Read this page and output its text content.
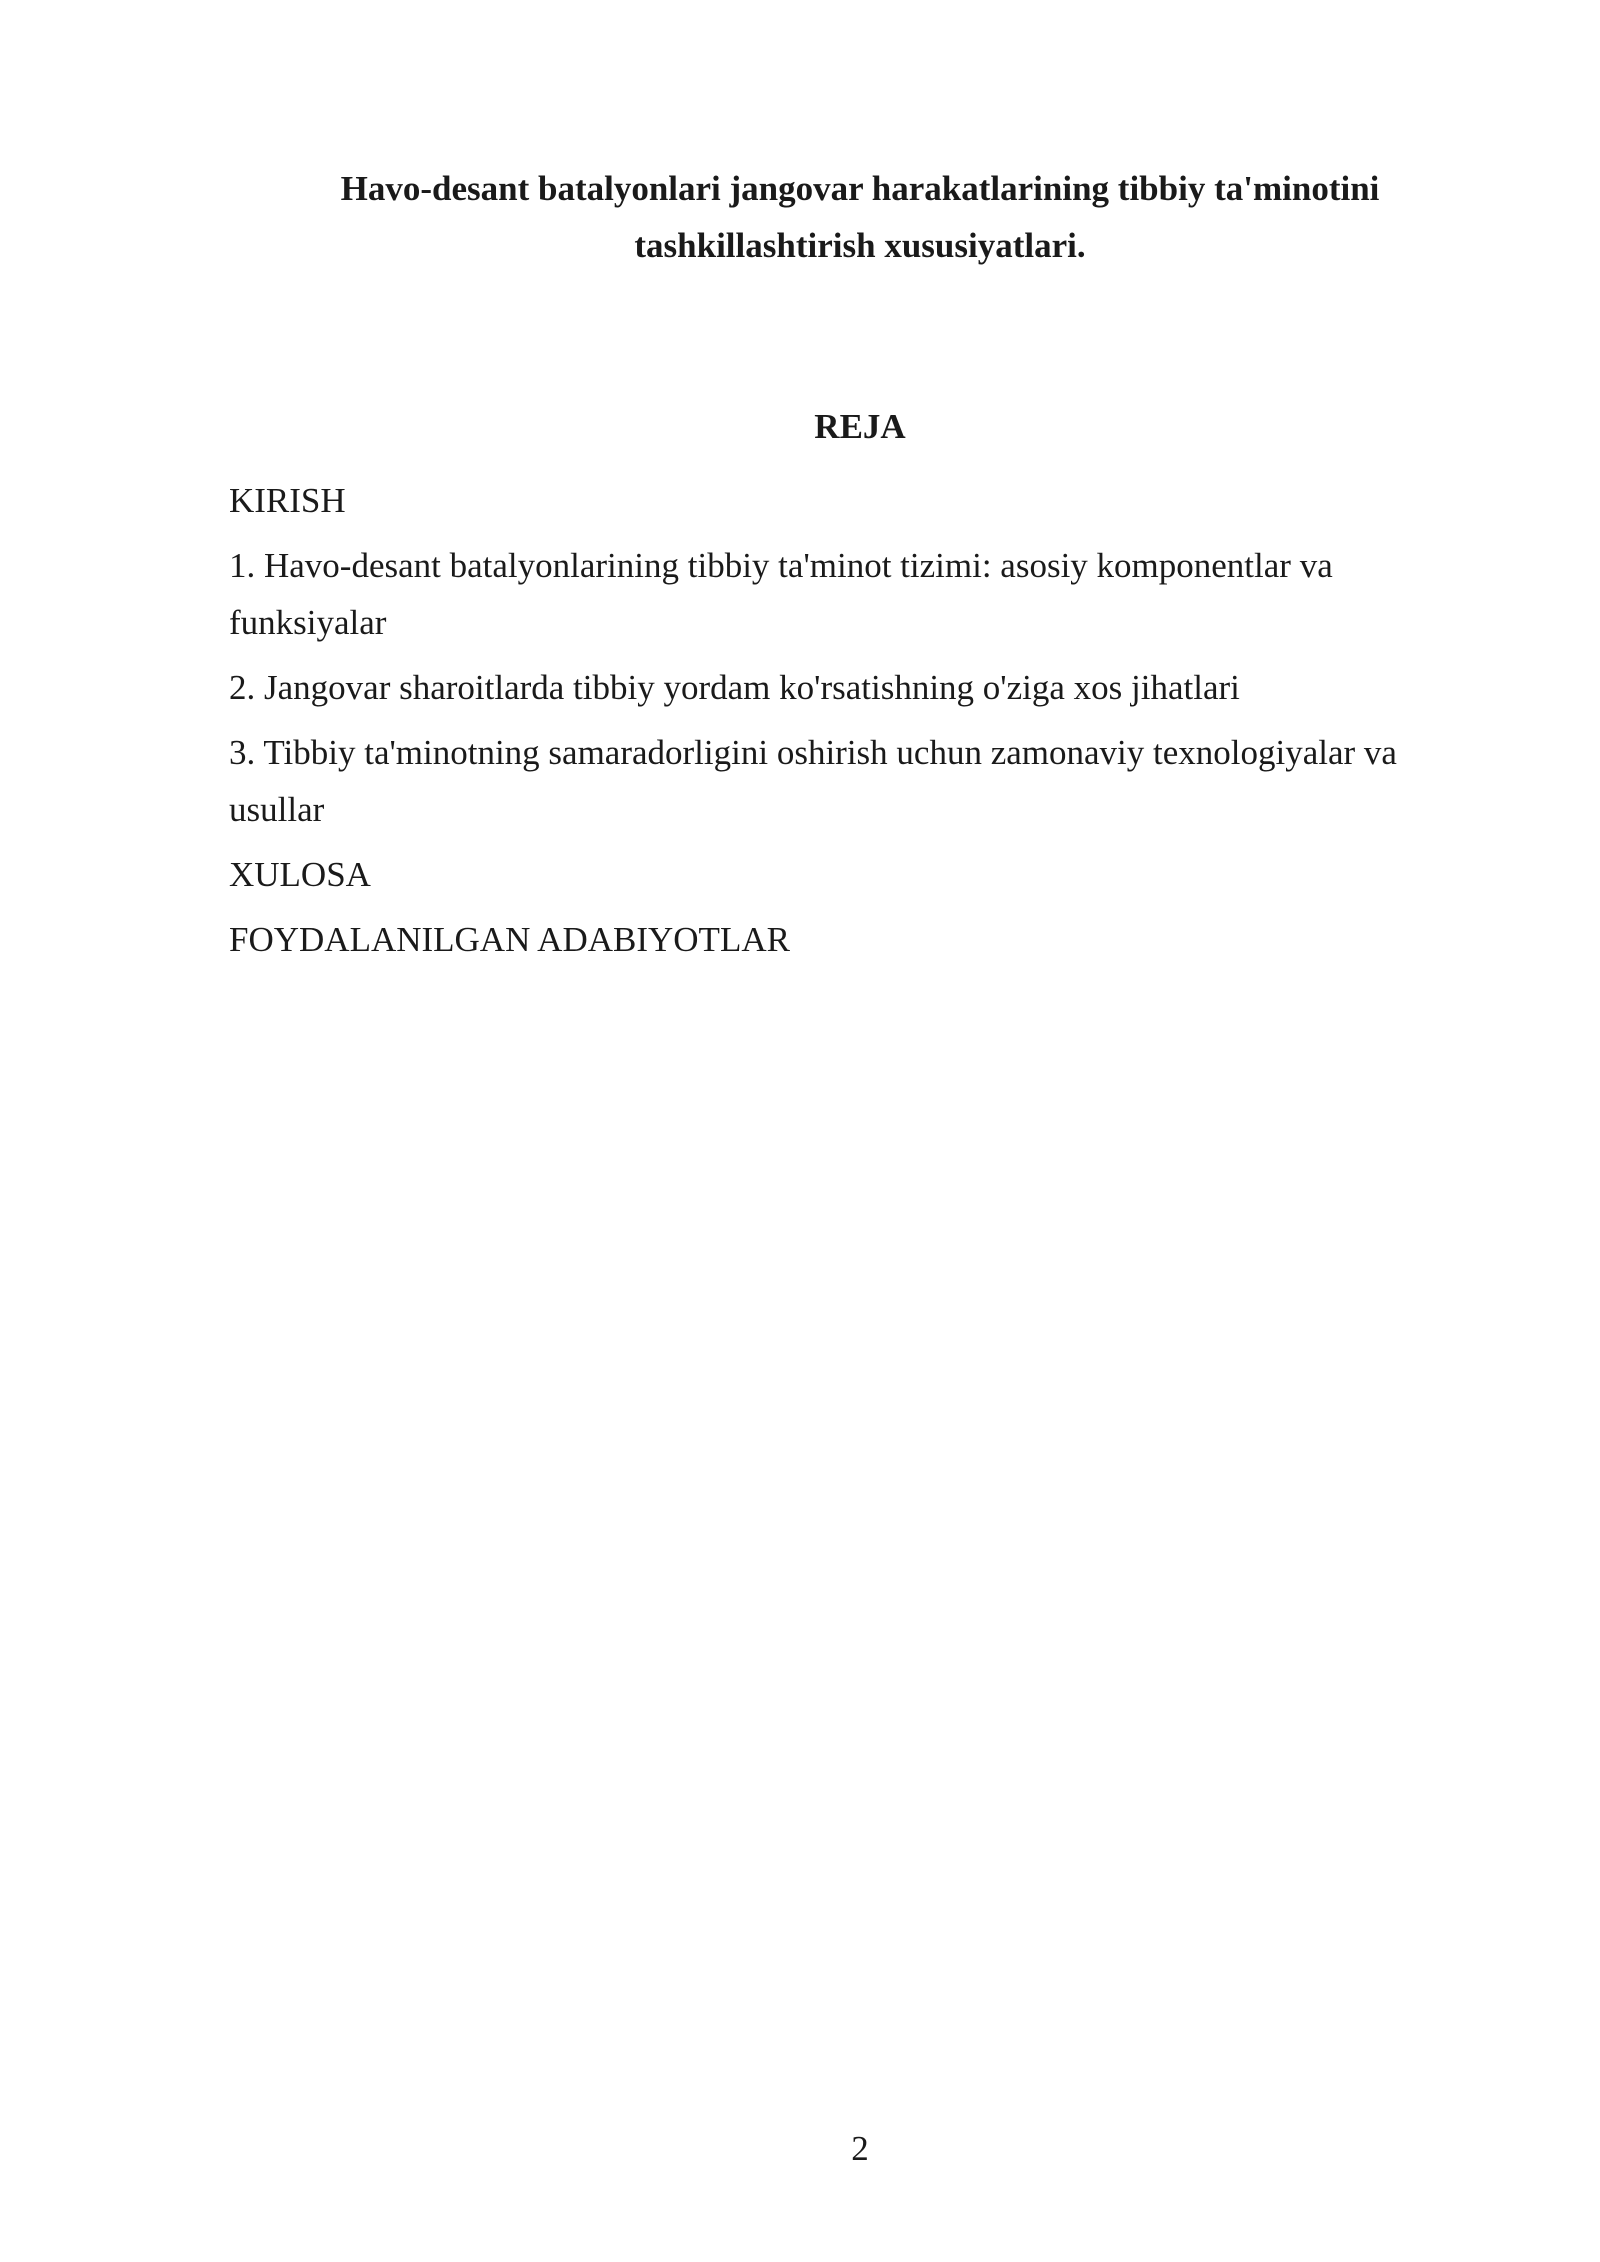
Havo-desant batalyonlari jangovar harakatlarining tibbiy ta'minotini tashkillashtirish xususiyatlari.
REJA
KIRISH
1. Havo-desant batalyonlarining tibbiy ta'minot tizimi: asosiy komponentlar va funksiyalar
2. Jangovar sharoitlarda tibbiy yordam ko'rsatishning o'ziga xos jihatlari
3. Tibbiy ta'minotning samaradorligini oshirish uchun zamonaviy texnologiyalar va usullar
XULOSA
FOYDALANILGAN ADABIYOTLAR
2
